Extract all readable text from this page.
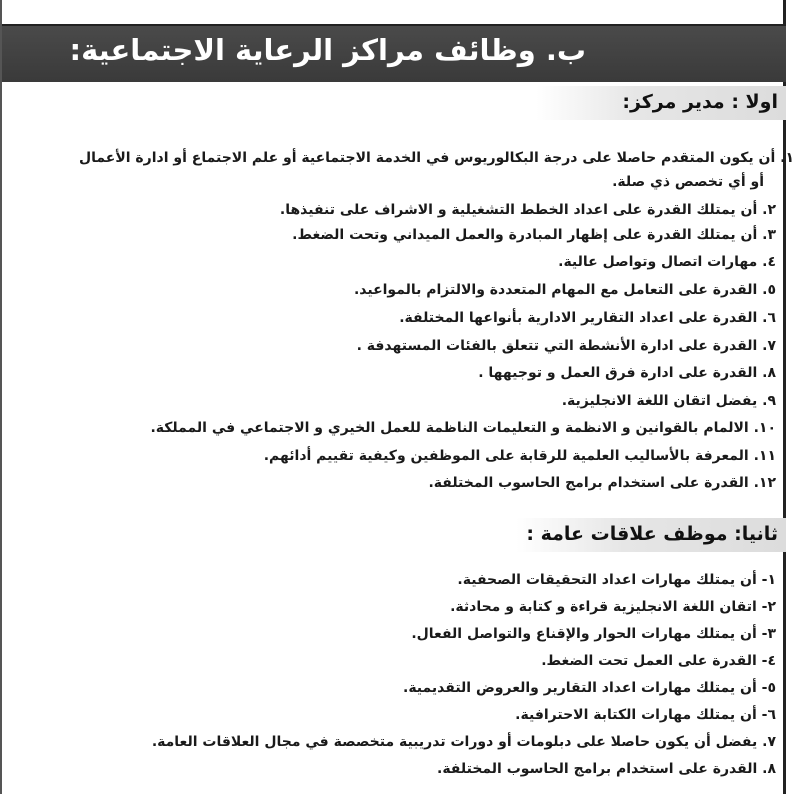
ب. وظائف مراكز الرعاية الاجتماعية:
اولا : مدير مركز:
١. أن يكون المتقدم حاصلا على درجة البكالوريوس في الخدمة الاجتماعية أو علم الاجتماع أو ادارة الأعمال
أو أي تخصص ذي صلة.
٢. أن يمتلك القدرة على اعداد الخطط التشغيلية و الاشراف على تنفيذها.
٣. أن يمتلك القدرة على إظهار المبادرة والعمل الميداني وتحت الضغط.
٤. مهارات اتصال وتواصل عالية.
٥. القدرة على التعامل مع المهام المتعددة والالتزام بالمواعيد.
٦. القدرة على اعداد التقارير الادارية بأنواعها المختلفة.
٧. القدرة على ادارة الأنشطة التي تتعلق بالفئات المستهدفة .
٨. القدرة على ادارة فرق العمل و توجيهها .
٩. يفضل اتقان اللغة الانجليزية.
١٠. الالمام بالقوانين و الانظمة و التعليمات الناظمة للعمل الخيري و الاجتماعي في المملكة.
١١. المعرفة بالأساليب العلمية للرقابة على الموظفين وكيفية تقييم أدائهم.
١٢. القدرة على استخدام برامج الحاسوب المختلفة.
ثانيا: موظف علاقات عامة :
١- أن يمتلك مهارات اعداد التحقيقات الصحفية.
٢- اتقان اللغة الانجليزية قراءة و كتابة و محادثة.
٣- أن يمتلك مهارات الحوار والإقناع والتواصل الفعال.
٤- القدرة على العمل تحت الضغط.
٥- أن يمتلك مهارات اعداد التقارير والعروض التقديمية.
٦- أن يمتلك مهارات الكتابة الاحترافية.
٧. يفضل أن يكون حاصلا على دبلومات أو دورات تدريبية متخصصة في مجال العلاقات العامة.
٨. القدرة على استخدام برامج الحاسوب المختلفة.
